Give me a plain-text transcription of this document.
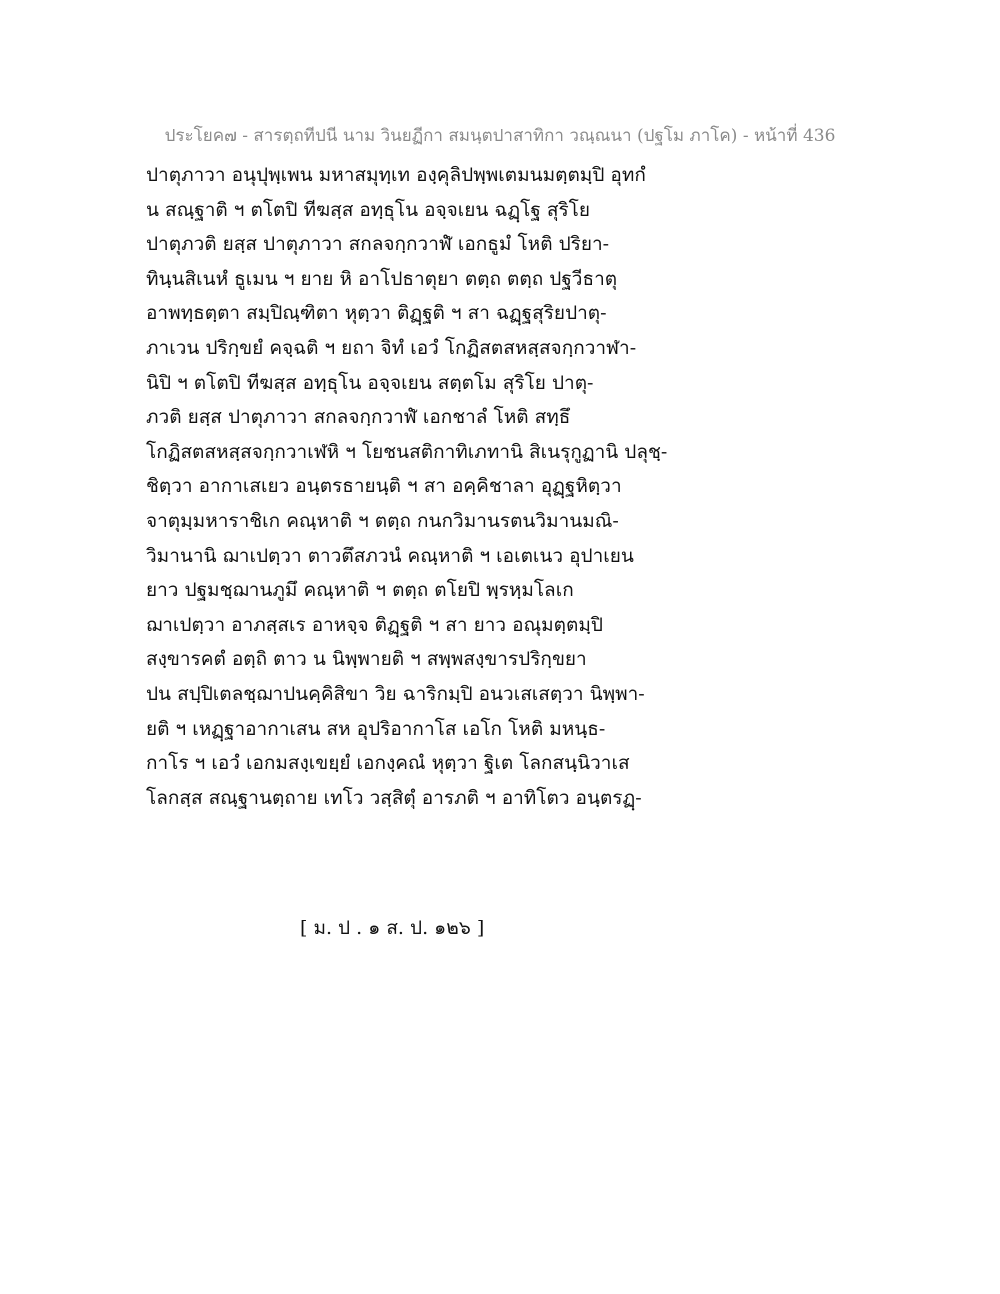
ประโยค๗ - สารตฺถทีปนี นาม วินยฏีกา สมนฺตปาสาทิกา วณฺณนา (ปฐโม ภาโค) - หน้าที่ 436
ปาตุภาวา อนุปุพฺเพน มหาสมุทฺเท องฺคุลิปพฺพเตมนมตฺตมฺปิ อุทกํ
น สณฺฐาติ ฯ ตโตปิ ทีฆสฺส อทฺธุโน อจฺจเยน ฉฏฺโฐ สุริโย
ปาตุภวติ ยสฺส ปาตุภาวา สกลจกฺกวาฬํ เอกธูมํ โหติ ปริยา-
ทินฺนสิเนหํ ธูเมน ฯ ยาย หิ อาโปธาตุยา ตตฺถ ตตฺถ ปฐวีธาตุ
อาพทฺธตฺตา สมฺปิณฺฑิตา หุตฺวา ติฏฺฐติ ฯ สา ฉฏฺฐสุริยปาตุ-
ภาเวน ปริกฺขยํ คจฺฉติ ฯ ยถา จิทํ เอวํ โกฏิสตสหสฺสจกฺกวาฬา-
นิปิ ฯ ตโตปิ ทีฆสฺส อทฺธุโน อจฺจเยน สตฺตโม สุริโย ปาตุ-
ภวติ ยสฺส ปาตุภาวา สกลจกฺกวาฬํ เอกชาลํ โหติ สทฺธึ
โกฏิสตสหสฺสจกฺกวาเฬหิ ฯ โยชนสติกาทิเภทานิ สิเนรุกูฏานิ ปลุชฺ-
ชิตฺวา อากาเสเยว อนฺตรธายนฺติ ฯ สา อคฺคิชาลา อุฏฺฐหิตฺวา
จาตุมฺมหาราชิเก คณฺหาติ ฯ ตตฺถ กนกวิมานรตนวิมานมณิ-
วิมานานิ ฌาเปตฺวา ตาวตึสภวนํ คณฺหาติ ฯ เอเตเนว อุปาเยน
ยาว ปฐมชฺฌานภูมึ คณฺหาติ ฯ ตตฺถ ตโยปิ พฺรหฺมโลเก
ฌาเปตฺวา อาภสฺสเร อาหจฺจ ติฏฺฐติ ฯ สา ยาว อณุมตฺตมฺปิ
สงฺขารคตํ อตฺถิ ตาว น นิพฺพายติ ฯ สพฺพสงฺขารปริกฺขยา
ปน สปฺปิเตลชฺฌาปนคฺคิสิขา วิย ฉาริกมฺปิ อนวเสเสตฺวา นิพฺพา-
ยติ ฯ เหฏฺฐาอากาเสน สห อุปริอากาโส เอโก โหติ มหนฺธ-
กาโร ฯ เอวํ เอกมสงฺเขยฺยํ เอกงฺคณํ หุตฺวา ฐิเต โลกสนฺนิวาเส
โลกสฺส สณฺฐานตฺถาย เทโว วสฺสิตุํ อารภติ ฯ อาทิโตว อนฺตรฏฺ-
[ ม. ป . ๑ ส. ป. ๑๒๖ ]
